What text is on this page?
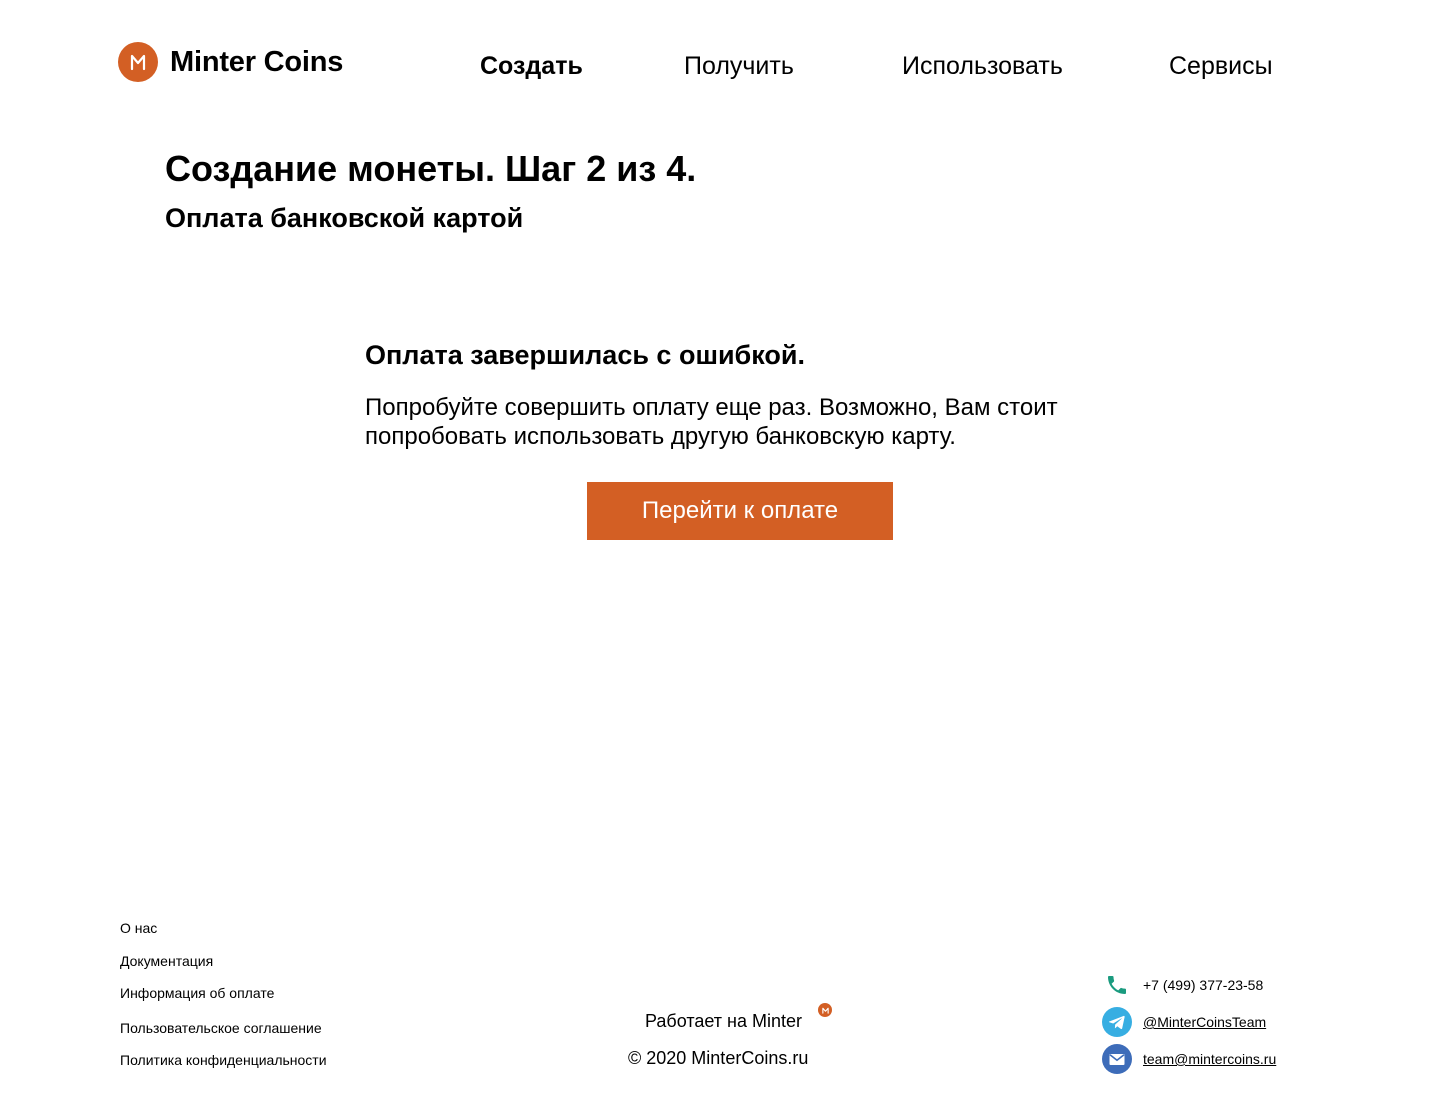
Minter Coins	Создать	Получить	Использовать	Сервисы
Создание монеты. Шаг 2 из 4.
Оплата банковской картой
Оплата завершилась с ошибкой.

Попробуйте совершить оплату еще раз. Возможно, Вам стоит попробовать использовать другую банковскую карту.

Перейти к оплате
О нас
Документация
Информация об оплате
Пользовательское соглашение
Политика конфиденциальности
Работает на Minter
© 2020 MinterCoins.ru
+7 (499) 377-23-58
@MinterCoinsTeam
team@mintercoins.ru
